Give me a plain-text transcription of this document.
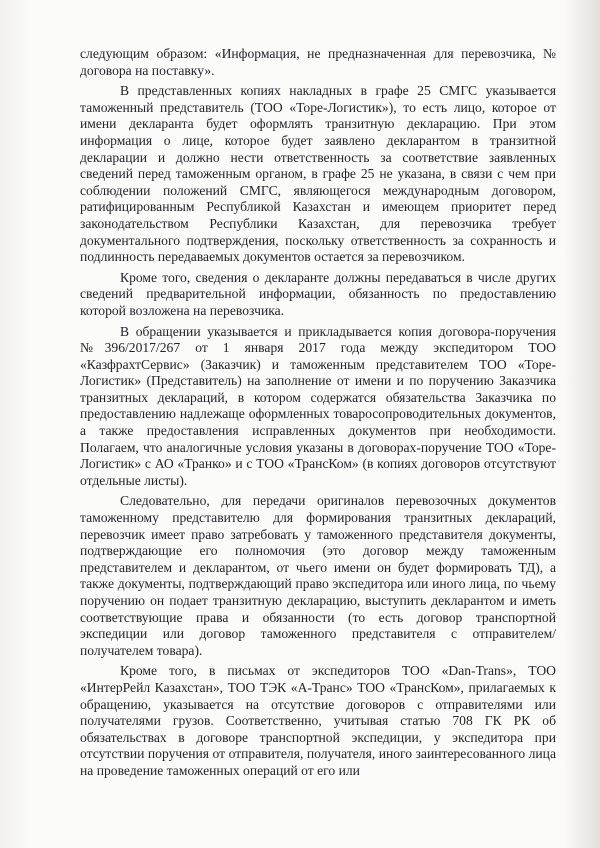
следующим образом: «Информация, не предназначенная для перевозчика, № договора на поставку».

В представленных копиях накладных в графе 25 СМГС указывается таможенный представитель (ТОО «Торе-Логистик»), то есть лицо, которое от имени декларанта будет оформлять транзитную декларацию. При этом информация о лице, которое будет заявлено декларантом в транзитной декларации и должно нести ответственность за соответствие заявленных сведений перед таможенным органом, в графе 25 не указана, в связи с чем при соблюдении положений СМГС, являющегося международным договором, ратифицированным Республикой Казахстан и имеющем приоритет перед законодательством Республики Казахстан, для перевозчика требует документального подтверждения, поскольку ответственность за сохранность и подлинность передаваемых документов остается за перевозчиком.

Кроме того, сведения о декларанте должны передаваться в числе других сведений предварительной информации, обязанность по предоставлению которой возложена на перевозчика.

В обращении указывается и прикладывается копия договора-поручения №396/2017/267 от 1 января 2017 года между экспедитором ТОО «КазфрахтСервис» (Заказчик) и таможенным представителем ТОО «Торе-Логистик» (Представитель) на заполнение от имени и по поручению Заказчика транзитных деклараций, в котором содержатся обязательства Заказчика по предоставлению надлежаще оформленных товаросопроводительных документов, а также предоставления исправленных документов при необходимости. Полагаем, что аналогичные условия указаны в договорах-поручение ТОО «Торе-Логистик» с АО «Транко» и с ТОО «ТрансКом» (в копиях договоров отсутствуют отдельные листы).

Следовательно, для передачи оригиналов перевозочных документов таможенному представителю для формирования транзитных деклараций, перевозчик имеет право затребовать у таможенного представителя документы, подтверждающие его полномочия (это договор между таможенным представителем и декларантом, от чьего имени он будет формировать ТД), а также документы, подтверждающий право экспедитора или иного лица, по чьему поручению он подает транзитную декларацию, выступить декларантом и иметь соответствующие права и обязанности (то есть договор транспортной экспедиции или договор таможенного представителя с отправителем/получателем товара).

Кроме того, в письмах от экспедиторов ТОО «Dan-Trans», ТОО «ИнтерРейл Казахстан», ТОО ТЭК «А-Транс» ТОО «ТрансКом», прилагаемых к обращению, указывается на отсутствие договоров с отправителями или получателями грузов. Соответственно, учитывая статью 708 ГК РК об обязательствах в договоре транспортной экспедиции, у экспедитора при отсутствии поручения от отправителя, получателя, иного заинтересованного лица на проведение таможенных операций от его или
